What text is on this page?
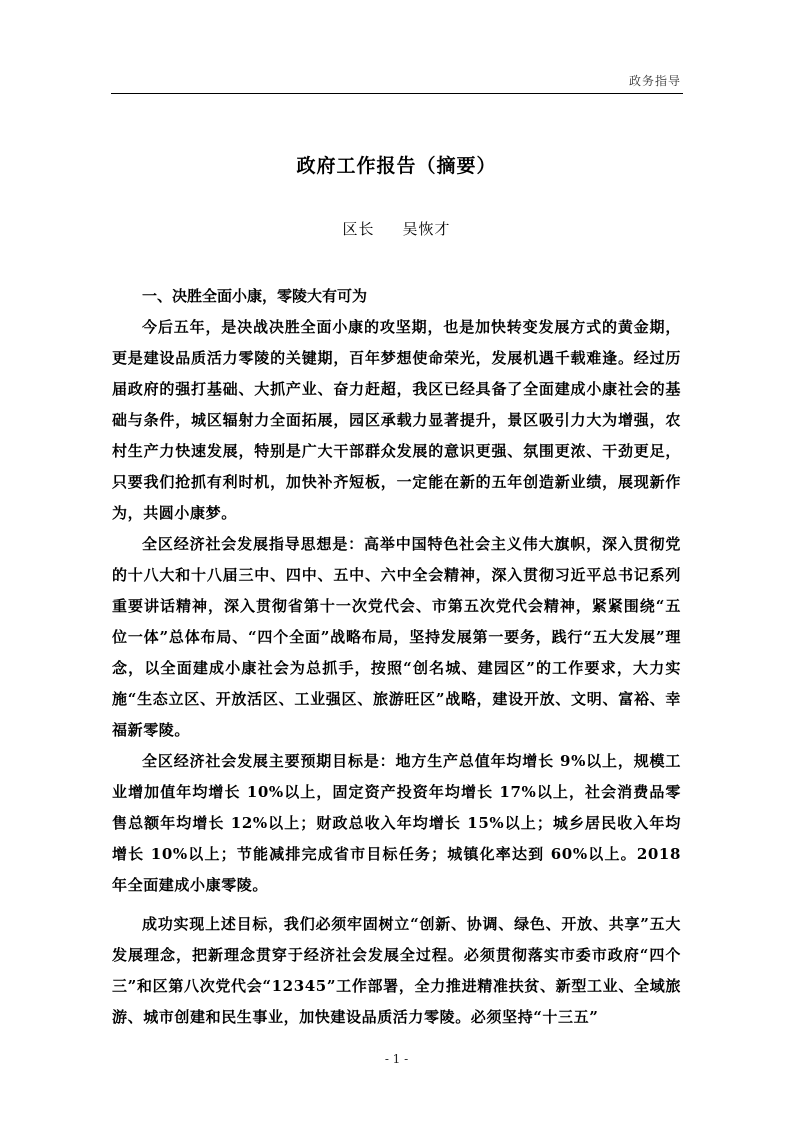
政务指导
政府工作报告（摘要）
区长 吴恢才

一、决胜全面小康，零陵大有可为

今后五年，是决战决胜全面小康的攻坚期，也是加快转变发展方式的黄金期，更是建设品质活力零陵的关键期，百年梦想使命荣光，发展机遇千载难逢。经过历届政府的强打基础、大抓产业、奋力赶超，我区已经具备了全面建成小康社会的基础与条件，城区辐射力全面拓展，园区承载力显著提升，景区吸引力大为增强，农村生产力快速发展，特别是广大干部群众发展的意识更强、氛围更浓、干劲更足，只要我们抢抓有利时机，加快补齐短板，一定能在新的五年创造新业绩，展现新作为，共圆小康梦。

全区经济社会发展指导思想是：高举中国特色社会主义伟大旗帜，深入贯彻党的十八大和十八届三中、四中、五中、六中全会精神，深入贯彻习近平总书记系列重要讲话精神，深入贯彻省第十一次党代会、市第五次党代会精神，紧紧围绕“五位一体”总体布局、“四个全面”战略布局，坚持发展第一要务，践行“五大发展”理念，以全面建成小康社会为总抓手，按照“创名城、建园区”的工作要求，大力实施“生态立区、开放活区、工业强区、旅游旺区”战略，建设开放、文明、富裕、幸福新零陵。

全区经济社会发展主要预期目标是：地方生产总值年均增长 9%以上，规模工业增加值年均增长 10%以上，固定资产投资年均增长 17%以上，社会消费品零售总额年均增长 12%以上；财政总收入年均增长 15%以上；城乡居民收入年均增长 10%以上；节能减排完成省市目标任务；城镇化率达到 60%以上。2018 年全面建成小康零陵。

成功实现上述目标，我们必须牢固树立“创新、协调、绿色、开放、共享”五大发展理念，把新理念贯穿于经济社会发展全过程。必须贯彻落实市委市政府“四个三”和区第八次党代会“12345”工作部署，全力推进精准扶贫、新型工业、全域旅游、城市创建和民生事业，加快建设品质活力零陵。必须坚持“十三五”

- 1 -
